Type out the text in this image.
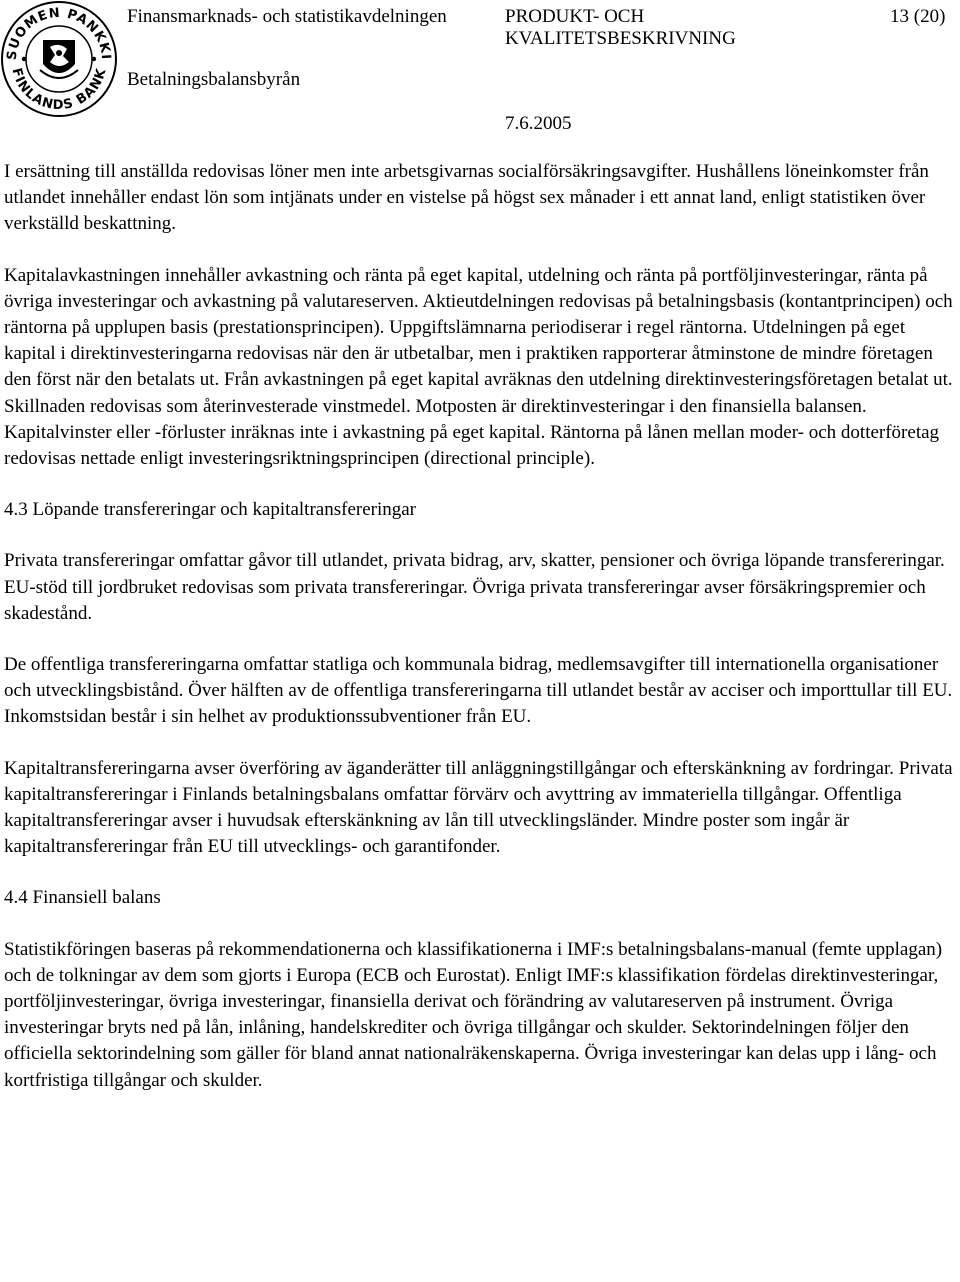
SUOMEN PANKKI
FINLANDS BANK
Finansmarknads- och statistikavdelningen
Betalningsbalansbyrån
PRODUKT- OCH
KVALITETSBESKRIVNING
7.6.2005
13 (20)

I ersättning till anställda redovisas löner men inte arbetsgivarnas socialförsäkringsavgifter. Hushållens löneinkomster från utlandet innehåller endast lön som intjänats under en vistelse på högst sex månader i ett annat land, enligt statistiken över verkställd beskattning.

Kapitalavkastningen innehåller avkastning och ränta på eget kapital, utdelning och ränta på portföljinvesteringar, ränta på övriga investeringar och avkastning på valutareserven. Aktieutdelningen redovisas på betalningsbasis (kontantprincipen) och räntorna på upplupen basis (prestationsprincipen). Uppgiftslämnarna periodiserar i regel räntorna. Utdelningen på eget kapital i direktinvesteringarna redovisas när den är utbetalbar, men i praktiken rapporterar åtminstone de mindre företagen den först när den betalats ut. Från avkastningen på eget kapital avräknas den utdelning direktinvesteringsföretagen betalat ut. Skillnaden redovisas som återinvesterade vinstmedel. Motposten är direktinvesteringar i den finansiella balansen. Kapitalvinster eller -förluster inräknas inte i avkastning på eget kapital. Räntorna på lånen mellan moder- och dotterföretag redovisas nettade enligt investeringsriktningsprincipen (directional principle).

4.3 Löpande transfereringar och kapitaltransfereringar

Privata transfereringar omfattar gåvor till utlandet, privata bidrag, arv, skatter, pensioner och övriga löpande transfereringar. EU-stöd till jordbruket redovisas som privata transfereringar. Övriga privata transfereringar avser försäkringspremier och skadestånd.

De offentliga transfereringarna omfattar statliga och kommunala bidrag, medlemsavgifter till internationella organisationer och utvecklingsbistånd. Över hälften av de offentliga transfereringarna till utlandet består av acciser och importtullar till EU. Inkomstsidan består i sin helhet av produktionssubventioner från EU.

Kapitaltransfereringarna avser överföring av äganderätter till anläggningstillgångar och efterskänkning av fordringar. Privata kapitaltransfereringar i Finlands betalningsbalans omfattar förvärv och avyttring av immateriella tillgångar. Offentliga kapitaltransfereringar avser i huvudsak efterskänkning av lån till utvecklingsländer. Mindre poster som ingår är kapitaltransfereringar från EU till utvecklings- och garantifonder.

4.4 Finansiell balans

Statistikföringen baseras på rekommendationerna och klassifikationerna i IMF:s betalningsbalans-manual (femte upplagan) och de tolkningar av dem som gjorts i Europa (ECB och Eurostat). Enligt IMF:s klassifikation fördelas direktinvesteringar, portföljinvesteringar, övriga investeringar, finansiella derivat och förändring av valutareserven på instrument. Övriga investeringar bryts ned på lån, inlåning, handelskrediter och övriga tillgångar och skulder. Sektorindelningen följer den officiella sektorindelning som gäller för bland annat nationalräkenskaperna. Övriga investeringar kan delas upp i lång- och kortfristiga tillgångar och skulder.
